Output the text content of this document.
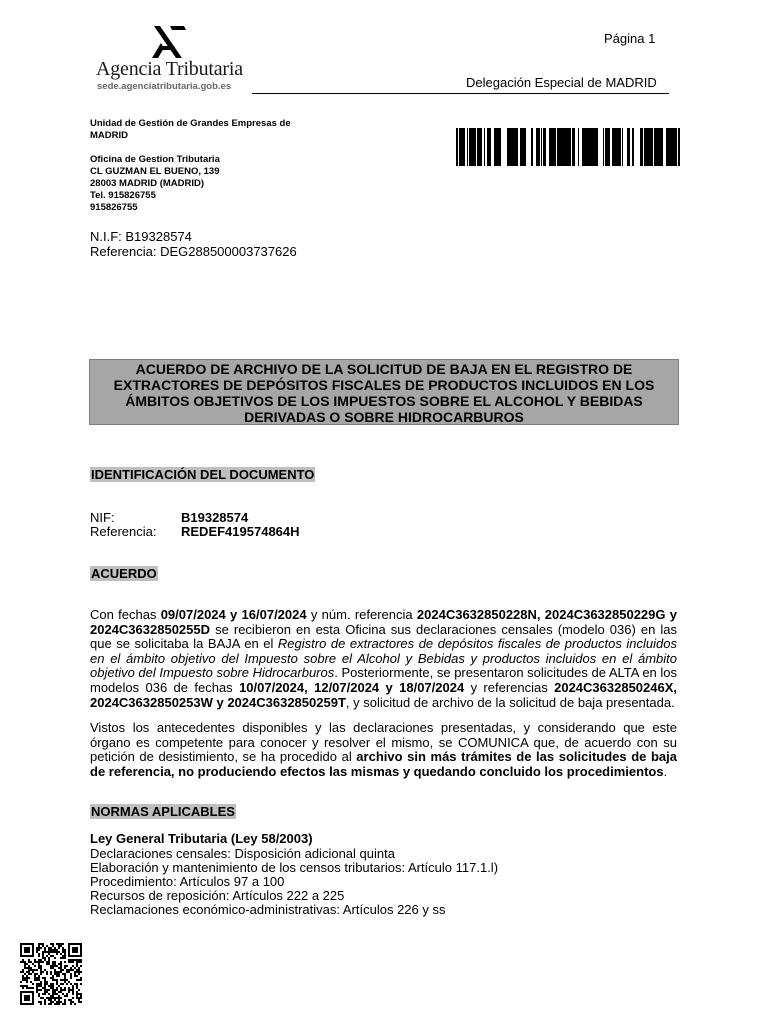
Agencia Tributaria
sede.agenciatributaria.gob.es
Página 1
Delegación Especial de MADRID
Unidad de Gestión de Grandes Empresas de
MADRID
Oficina de Gestion Tributaria
CL GUZMAN EL BUENO, 139
28003 MADRID (MADRID)
Tel. 915826755
915826755
N.I.F: B19328574
Referencia: DEG288500003737626
ACUERDO DE ARCHIVO DE LA SOLICITUD DE BAJA EN EL REGISTRO DE
EXTRACTORES DE DEPÓSITOS FISCALES DE PRODUCTOS INCLUIDOS EN LOS
ÁMBITOS OBJETIVOS DE LOS IMPUESTOS SOBRE EL ALCOHOL Y BEBIDAS
DERIVADAS O SOBRE HIDROCARBUROS
IDENTIFICACIÓN DEL DOCUMENTO
NIF:	B19328574
Referencia: REDEF419574864H
ACUERDO
Con fechas 09/07/2024 y 16/07/2024 y núm. referencia 2024C3632850228N, 2024C3632850229G y 2024C3632850255D se recibieron en esta Oficina sus declaraciones censales (modelo 036) en las que se solicitaba la BAJA en el Registro de extractores de depósitos fiscales de productos incluidos en el ámbito objetivo del Impuesto sobre el Alcohol y Bebidas y productos incluidos en el ámbito objetivo del Impuesto sobre Hidrocarburos. Posteriormente, se presentaron solicitudes de ALTA en los modelos 036 de fechas 10/07/2024, 12/07/2024 y 18/07/2024 y referencias 2024C3632850246X, 2024C3632850253W y 2024C3632850259T, y solicitud de archivo de la solicitud de baja presentada.
Vistos los antecedentes disponibles y las declaraciones presentadas, y considerando que este órgano es competente para conocer y resolver el mismo, se COMUNICA que, de acuerdo con su petición de desistimiento, se ha procedido al archivo sin más trámites de las solicitudes de baja de referencia, no produciendo efectos las mismas y quedando concluido los procedimientos.
NORMAS APLICABLES
Ley General Tributaria (Ley 58/2003)
Declaraciones censales: Disposición adicional quinta
Elaboración y mantenimiento de los censos tributarios: Artículo 117.1.l)
Procedimiento: Artículos 97 a 100
Recursos de reposición: Artículos 222 a 225
Reclamaciones económico-administrativas: Artículos 226 y ss
